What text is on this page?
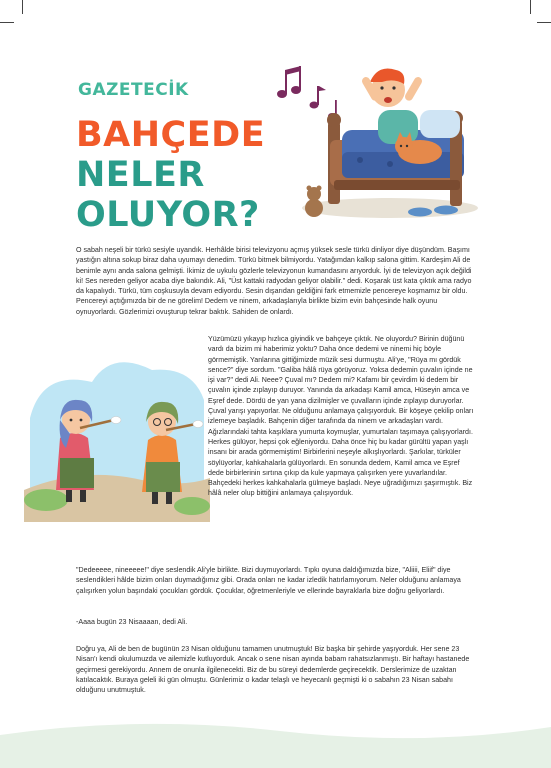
GAZETECİK
BAHÇEDE
NELER
OLUYOR?

O sabah neşeli bir türkü sesiyle uyandık. Herhâlde birisi televizyonu açmış yüksek sesle türkü dinliyor diye düşündüm. Başımı yastığın altına sokup biraz daha uyumayı denedim. Türkü bitmek bilmiyordu. Yatağımdan kalkıp salona gittim. Kardeşim Ali de benimle aynı anda salona gelmişti. İkimiz de uykulu gözlerle televizyonun kumandasını arıyorduk. İyi de televizyon açık değildi ki! Ses nereden geliyor acaba diye bakındık. Ali, "Üst kattaki radyodan geliyor olabilir." dedi. Koşarak üst kata çıktık ama radyo da kapalıydı. Türkü, tüm coşkusuyla devam ediyordu. Sesin dışarıdan geldiğini fark etmemizle pencereye koşmamız bir oldu. Pencereyi açtığımızda bir de ne görelim! Dedem ve ninem, arkadaşlarıyla birlikte bizim evin bahçesinde halk oyunu oynuyorlardı. Gözlerimizi ovuşturup tekrar baktık. Sahiden de onlardı.

Yüzümüzü yıkayıp hızlıca giyindik ve bahçeye çıktık. Ne oluyordu? Birinin düğünü vardı da bizim mi haberimiz yoktu? Daha önce dedemi ve ninemi hiç böyle görmemiştik. Yanlarına gittiğimizde müzik sesi durmuştu. Ali'ye, "Rüya mı gördük sence?" diye sordum. "Galiba hâlâ rüya görüyoruz. Yoksa dedemin çuvalın içinde ne işi var?" dedi Ali. Neee? Çuval mı? Dedem mi? Kafamı bir çevirdim ki dedem bir çuvalın içinde zıplayıp duruyor. Yanında da arkadaşı Kamil amca, Hüseyin amca ve Eşref dede. Dördü de yan yana dizilmişler ve çuvalların içinde zıplayıp duruyorlar. Çuval yarışı yapıyorlar. Ne olduğunu anlamaya çalışıyorduk. Bir köşeye çekilip onları izlemeye başladık. Bahçenin diğer tarafında da ninem ve arkadaşları vardı. Ağızlarındaki tahta kaşıklara yumurta koymuşlar, yumurtaları taşımaya çalışıyorlardı. Herkes gülüyor, hepsi çok eğleniyordu. Daha önce hiç bu kadar gürültü yapan yaşlı insanı bir arada görmemiştim! Birbirlerini neşeyle alkışlıyorlardı. Şarkılar, türküler söylüyorlar, kahkahalarla gülüyorlardı. En sonunda dedem, Kamil amca ve Eşref dede birbirlerinin sırtına çıkıp da kule yapmaya çalışırken yere yuvarlandılar. Bahçedeki herkes kahkahalarla gülmeye başladı. Neye uğradığımızı şaşırmıştık. Biz hâlâ neler olup bittiğini anlamaya çalışıyorduk.

"Dedeeeee, nineeeee!" diye seslendik Ali'yle birlikte. Bizi duymuyorlardı. Tıpkı oyuna daldığımızda bize, "Aliiii, Eliif" diye seslendikleri hâlde bizim onları duymadığımız gibi. Orada onları ne kadar izledik hatırlamıyorum. Neler olduğunu anlamaya çalışırken yolun başındaki çocukları gördük. Çocuklar, öğretmenleriyle ve ellerinde bayraklarla bize doğru geliyorlardı.

-Aaaa bugün 23 Nisaaaan, dedi Ali.

Doğru ya, Ali de ben de bugünün 23 Nisan olduğunu tamamen unutmuştuk! Biz başka bir şehirde yaşıyorduk. Her sene 23 Nisan'ı kendi okulumuzda ve ailemizle kutluyorduk. Ancak o sene nisan ayında babam rahatsızlanmıştı. Bir haftayı hastanede geçirmesi gerekiyordu. Annem de onunla ilgilenecekti. Biz de bu süreyi dedemlerde geçirecektik. Derslerimize de uzaktan katılacaktık. Buraya geleli iki gün olmuştu. Günlerimiz o kadar telaşlı ve heyecanlı geçmişti ki o sabahın 23 Nisan sabahı olduğunu unutmuştuk.
